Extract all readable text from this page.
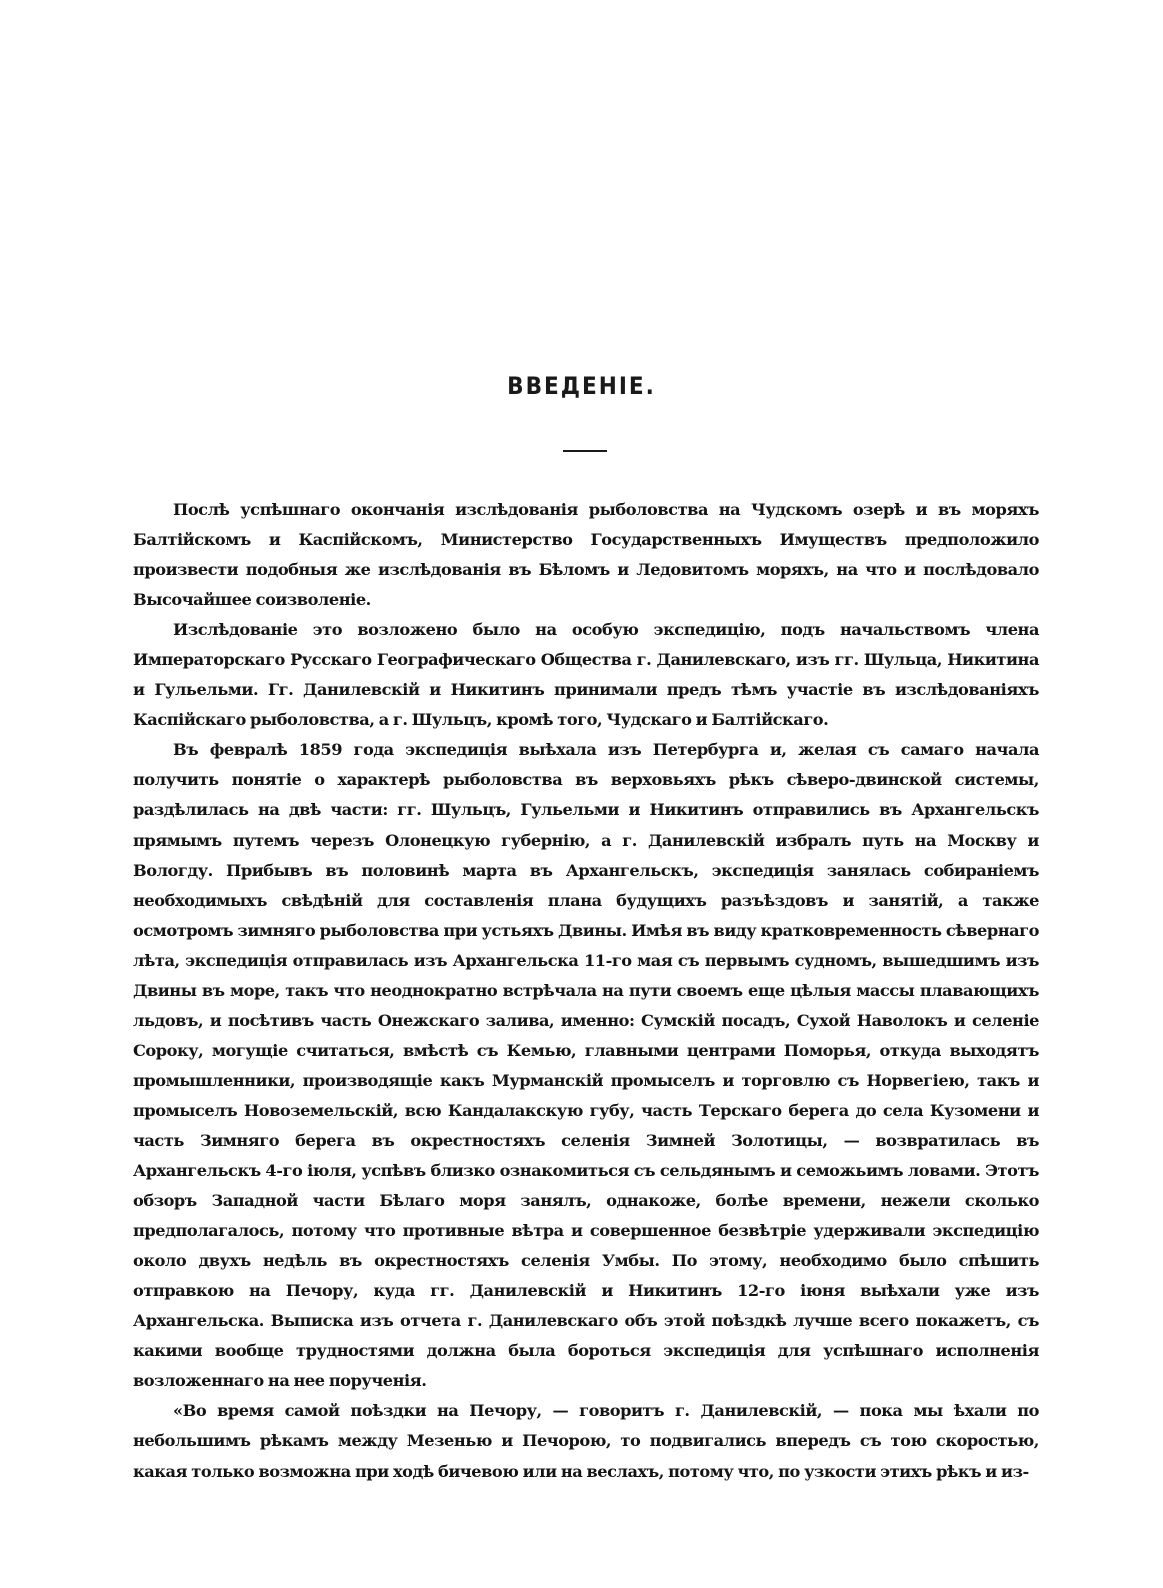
ВВЕДЕНІЕ.

Послѣ успѣшнаго окончанія изслѣдованія рыболовства на Чудскомъ озерѣ и въ моряхъ Балтійскомъ и Каспійскомъ, Министерство Государственныхъ Имуществъ предположило произвести подобныя же изслѣдованія въ Бѣломъ и Ледовитомъ моряхъ, на что и послѣдовало Высочайшее соизволеніе.

Изслѣдованіе это возложено было на особую экспедицію, подъ начальствомъ члена Императорскаго Русскаго Географическаго Общества г. Данилевскаго, изъ гг. Шульца, Никитина и Гульельми. Гг. Данилевскій и Никитинъ принимали предъ тѣмъ участіе въ изслѣдованіяхъ Каспійскаго рыболовства, а г. Шульцъ, кромѣ того, Чудскаго и Балтійскаго.

Въ февралѣ 1859 года экспедиція выѣхала изъ Петербурга и, желая съ самаго начала получить понятіе о характерѣ рыболовства въ верховьяхъ рѣкъ сѣверо-двинской системы, раздѣлилась на двѣ части: гг. Шульцъ, Гульельми и Никитинъ отправились въ Архангельскъ прямымъ путемъ черезъ Олонецкую губернію, а г. Данилевскій избралъ путь на Москву и Вологду. Прибывъ въ половинѣ марта въ Архангельскъ, экспедиція занялась собираніемъ необходимыхъ свѣдѣній для составленія плана будущихъ разъѣздовъ и занятій, а также осмотромъ зимняго рыболовства при устьяхъ Двины. Имѣя въ виду кратковременность сѣвернаго лѣта, экспедиція отправилась изъ Архангельска 11-го мая съ первымъ судномъ, вышедшимъ изъ Двины въ море, такъ что неоднократно встрѣчала на пути своемъ еще цѣлыя массы плавающихъ льдовъ, и посѣтивъ часть Онежскаго залива, именно: Сумскій посадъ, Сухой Наволокъ и селеніе Сороку, могущіе считаться, вмѣстѣ съ Кемью, главными центрами Поморья, откуда выходятъ промышленники, производящіе какъ Мурманскій промыселъ и торговлю съ Норвегіею, такъ и промыселъ Новоземельскій, всю Кандалакскую губу, часть Терскаго берега до села Кузомени и часть Зимняго берега въ окрестностяхъ селенія Зимней Золотицы, — возвратилась въ Архангельскъ 4-го іюля, успѣвъ близко ознакомиться съ сельдянымъ и семожьимъ ловами. Этотъ обзоръ Западной части Бѣлаго моря занялъ, однакоже, болѣе времени, нежели сколько предполагалось, потому что противные вѣтра и совершенное безвѣтріе удерживали экспедицію около двухъ недѣль въ окрестностяхъ селенія Умбы. По этому, необходимо было спѣшить отправкою на Печору, куда гг. Данилевскій и Никитинъ 12-го іюня выѣхали уже изъ Архангельска. Выписка изъ отчета г. Данилевскаго объ этой поѣздкѣ лучше всего покажетъ, съ какими вообще трудностями должна была бороться экспедиція для успѣшнаго исполненія возложеннаго на нее порученія.

«Во время самой поѣздки на Печору, — говоритъ г. Данилевскій, — пока мы ѣхали по небольшимъ рѣкамъ между Мезенью и Печорою, то подвигались впередъ съ тою скоростью, какая только возможна при ходѣ бичевою или на веслахъ, потому что, по узкости этихъ рѣкъ и из-
